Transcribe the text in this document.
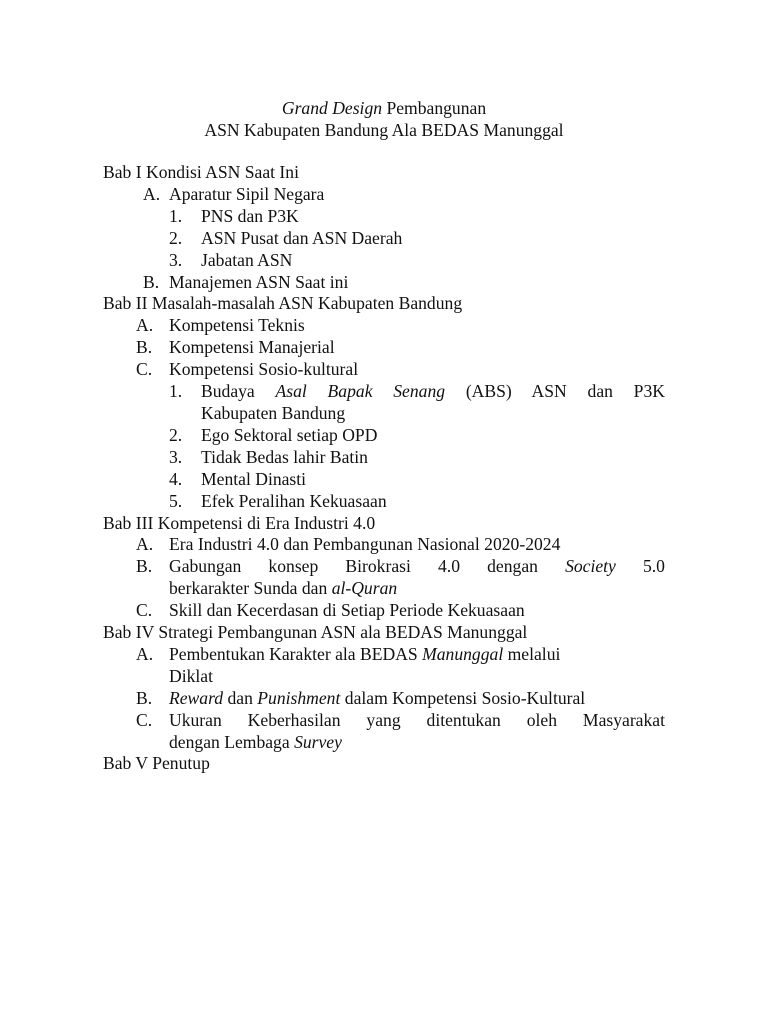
Grand Design Pembangunan
ASN Kabupaten Bandung Ala BEDAS Manunggal
Bab I Kondisi ASN Saat Ini
A. Aparatur Sipil Negara
1.	PNS dan P3K
2.	ASN Pusat dan ASN Daerah
3.	Jabatan ASN
B. Manajemen ASN Saat ini
Bab II Masalah-masalah ASN Kabupaten Bandung
A. Kompetensi Teknis
B. Kompetensi Manajerial
C. Kompetensi Sosio-kultural
1.	Budaya Asal Bapak Senang (ABS) ASN dan P3K
Kabupaten Bandung
2.	Ego Sektoral setiap OPD
3.	Tidak Bedas lahir Batin
4.	Mental Dinasti
5.	Efek Peralihan Kekuasaan
Bab III Kompetensi di Era Industri 4.0
A. Era Industri 4.0 dan Pembangunan Nasional 2020-2024
B. Gabungan konsep Birokrasi 4.0 dengan Society 5.0
berkarakter Sunda dan al-Quran
C. Skill dan Kecerdasan di Setiap Periode Kekuasaan
Bab IV Strategi Pembangunan ASN ala BEDAS Manunggal
A. Pembentukan Karakter ala BEDAS Manunggal melalui
Diklat
B. Reward dan Punishment dalam Kompetensi Sosio-Kultural
C. Ukuran Keberhasilan yang ditentukan oleh Masyarakat
dengan Lembaga Survey
Bab V Penutup
